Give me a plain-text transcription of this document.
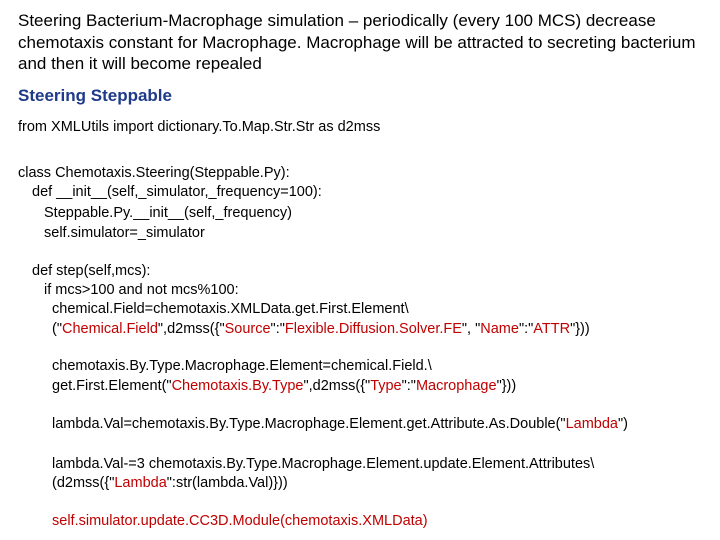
Steering Bacterium-Macrophage simulation – periodically (every 100 MCS) decrease chemotaxis constant for Macrophage. Macrophage will be attracted to secreting bacterium and then it will become repealed
Steering Steppable
from XMLUtils import dictionary.To.Map.Str.Str as d2mss
class Chemotaxis.Steering(Steppable.Py):
def __init__(self,_simulator,_frequency=100):
Steppable.Py.__init__(self,_frequency)
self.simulator=_simulator
def step(self,mcs):
if mcs>100 and not mcs%100:
chemical.Field=chemotaxis.XMLData.get.First.Element\
("Chemical.Field",d2mss({"Source":"Flexible.Diffusion.Solver.FE", "Name":"ATTR"}))
chemotaxis.By.Type.Macrophage.Element=chemical.Field.\
get.First.Element("Chemotaxis.By.Type",d2mss({"Type":"Macrophage"}))
lambda.Val=chemotaxis.By.Type.Macrophage.Element.get.Attribute.As.Double("Lambda")
lambda.Val-=3 chemotaxis.By.Type.Macrophage.Element.update.Element.Attributes\
(d2mss({"Lambda":str(lambda.Val)}))
self.simulator.update.CC3D.Module(chemotaxis.XMLData)
